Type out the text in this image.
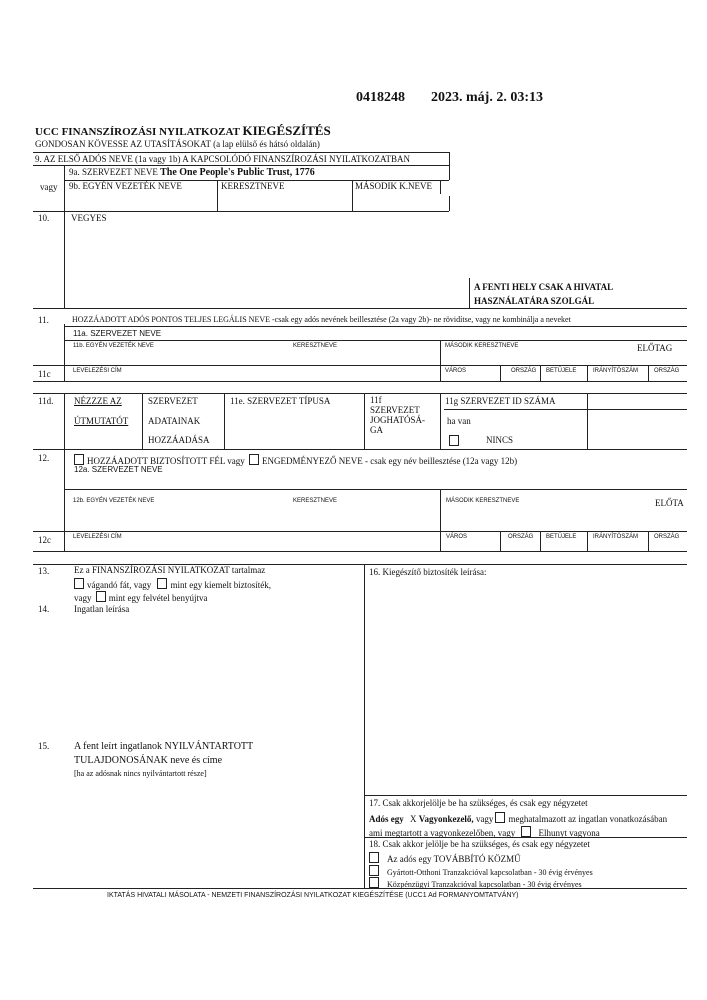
0418248 2023. máj. 2. 03:13
UCC FINANSZÍROZÁSI NYILATKOZAT KIEGÉSZÍTÉS
GONDOSAN KÖVESSE AZ UTASÍTÁSOKAT (a lap elülső és hátsó oldalán)
9. AZ ELSŐ ADÓS NEVE (1a vagy 1b) A KAPCSOLÓDÓ FINANSZÍROZÁSI NYILATKOZATBAN
9a. SZERVEZET NEVE The One People's Public Trust, 1776
vagy 9b. EGYÉN VEZETÉK NEVE	KERESZTNEVE	MÁSODIK K.NEVE
10. VEGYES
A FENTI HELY CSAK A HIVATAL
HASZNÁLATÁRA SZOLGÁL
11.	HOZZÁADOTT ADÓS PONTOS TELJES LEGÁLIS NEVE -csak egy adós nevének beillesztése (2a vagy 2b)- ne rövidítse, vagy ne kombinálja a neveket
11a. SZERVEZET NEVE
11b. EGYÉN VEZETÉK NEVE	KERESZTNEVE	MÁSODIK KERESZTNEVE	ELŐTAG
11c	LEVELEZÉSI CÍM	VÁROS	ORSZÁG BETŰJELE	IRÁNYÍTÓSZÁM	ORSZÁG
11d. NÉZZZE AZ
ÚTMUTATÓT
SZERVEZET
ADATAINAK
HOZZÁADÁSA
11e. SZERVEZET TÍPUSA	11f
SZERVEZET
JOGHATÓSÁ-
GA
11g SZERVEZET ID SZÁMA
ha van
NINCS
12.	HOZZÁADOTT BIZTOSÍTOTT FÉL vagy ENGEDMÉNYEZŐ NEVE - csak egy név beillesztése (12a vagy 12b)
12a. SZERVEZET NEVE
12b. EGYÉN VEZETÉK NEVE	KERESZTNEVE	MÁSODIK KERESZTNEVE	ELŐTA
12c	LEVELEZÉSI CÍM	VÁROS	ORSZÁG BETŰJELE	IRÁNYÍTÓSZÁM	ORSZÁG
13.	Ez a FINANSZÍROZÁSI NYILATKOZAT tartalmaz
vágandó fát, vagy mint egy kiemelt biztosíték,
vagy mint egy felvétel benyújtva
14.	Ingatlan leírása
15. A fent leírt ingatlanok NYILVÁNTARTOTT
TULAJDONOSÁNAK neve és címe
[ha az adósnak nincs nyilvántartott része]
16. Kiegészítő biztosíték leírása:
17. Csak akkorjelölje be ha szükséges, és csak egy négyzetet
Adós egy X Vagyonkezelő, vagy meghatalmazott az ingatlan vonatkozásában
ami megtartott a vagyonkezelőben, vagy	Elhunyt vagyona
18. Csak akkor jelölje be ha szükséges, és csak egy négyzetet
Az adós egy TOVÁBBÍTÓ KÖZMŰ
Gyártott-Otthoni Tranzakcióval kapcsolatban - 30 évig érvényes
Közpénzügyi Tranzakcióval kapcsolatban - 30 évig érvényes
IKTATÁS HIVATALI MÁSOLATA - NEMZETI FINANSZÍROZÁSI NYILATKOZAT KIEGÉSZÍTÉSE (UCC1 Ad FORMANYOMTATVÁNY)
